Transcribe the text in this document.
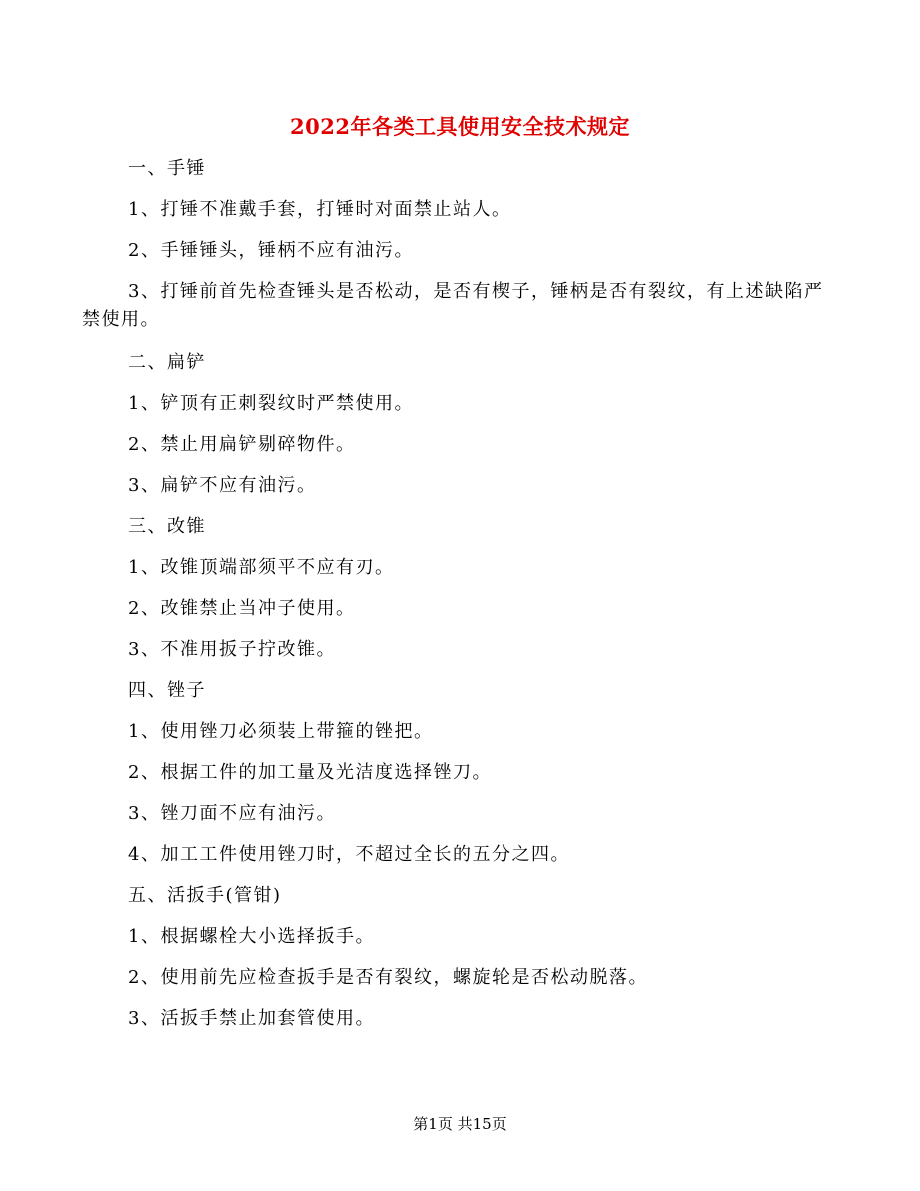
2022年各类工具使用安全技术规定

一、手锤

1、打锤不准戴手套，打锤时对面禁止站人。

2、手锤锤头，锤柄不应有油污。

3、打锤前首先检查锤头是否松动，是否有楔子，锤柄是否有裂纹，有上述缺陷严禁使用。

二、扁铲

1、铲顶有正刺裂纹时严禁使用。

2、禁止用扁铲剔碎物件。

3、扁铲不应有油污。

三、改锥

1、改锥顶端部须平不应有刃。

2、改锥禁止当冲子使用。

3、不准用扳子拧改锥。

四、锉子

1、使用锉刀必须装上带箍的锉把。

2、根据工件的加工量及光洁度选择锉刀。

3、锉刀面不应有油污。

4、加工工件使用锉刀时，不超过全长的五分之四。

五、活扳手(管钳)

1、根据螺栓大小选择扳手。

2、使用前先应检查扳手是否有裂纹，螺旋轮是否松动脱落。

3、活扳手禁止加套管使用。

第1页 共15页
